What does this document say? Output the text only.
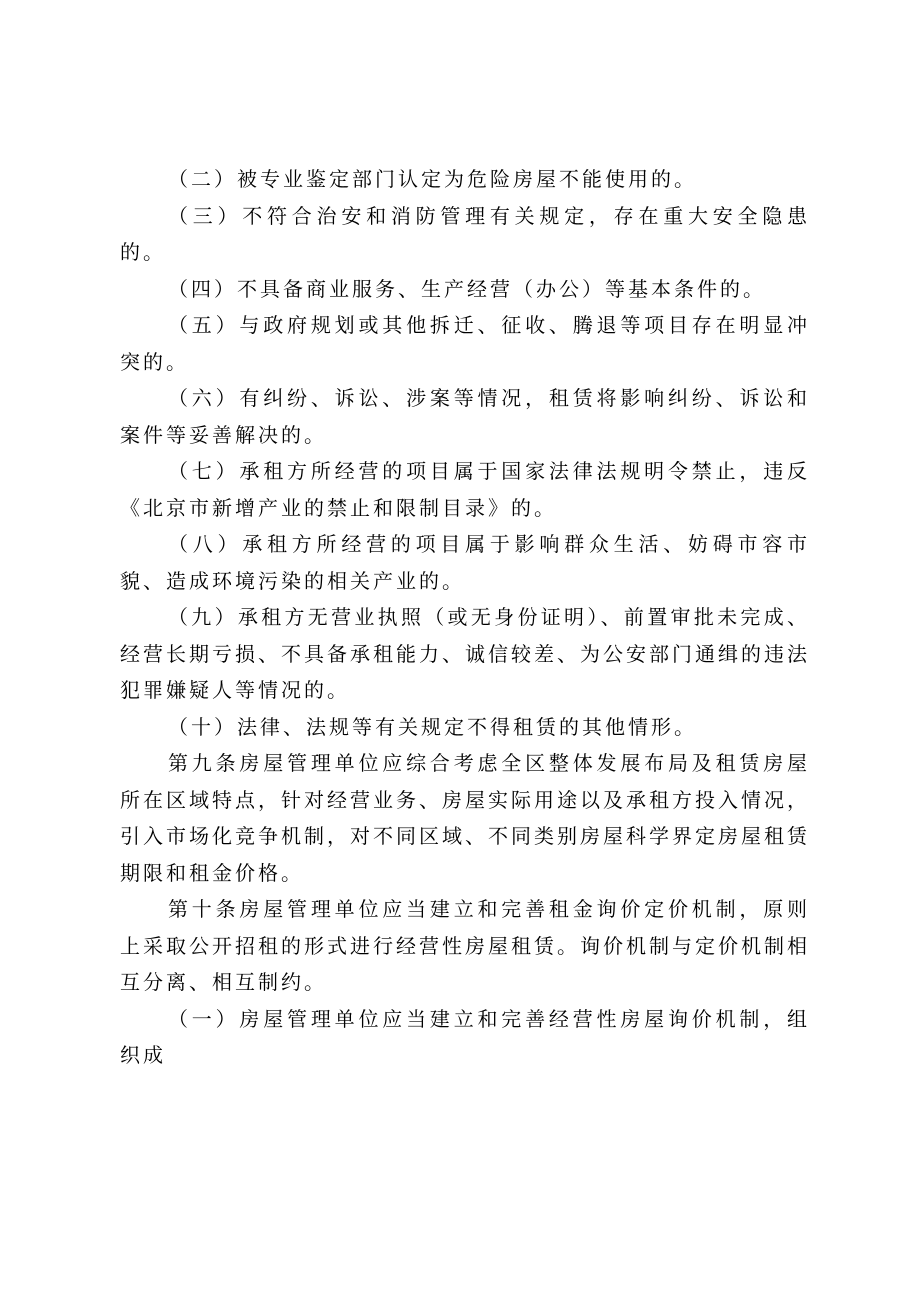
（二）被专业鉴定部门认定为危险房屋不能使用的。

（三）不符合治安和消防管理有关规定，存在重大安全隐患的。

（四）不具备商业服务、生产经营（办公）等基本条件的。

（五）与政府规划或其他拆迁、征收、腾退等项目存在明显冲突的。

（六）有纠纷、诉讼、涉案等情况，租赁将影响纠纷、诉讼和案件等妥善解决的。

（七）承租方所经营的项目属于国家法律法规明令禁止，违反《北京市新增产业的禁止和限制目录》的。

（八）承租方所经营的项目属于影响群众生活、妨碍市容市貌、造成环境污染的相关产业的。

（九）承租方无营业执照（或无身份证明）、前置审批未完成、经营长期亏损、不具备承租能力、诚信较差、为公安部门通缉的违法犯罪嫌疑人等情况的。

（十）法律、法规等有关规定不得租赁的其他情形。

第九条房屋管理单位应综合考虑全区整体发展布局及租赁房屋所在区域特点，针对经营业务、房屋实际用途以及承租方投入情况，引入市场化竞争机制，对不同区域、不同类别房屋科学界定房屋租赁期限和租金价格。

第十条房屋管理单位应当建立和完善租金询价定价机制，原则上采取公开招租的形式进行经营性房屋租赁。询价机制与定价机制相互分离、相互制约。

（一）房屋管理单位应当建立和完善经营性房屋询价机制，组织成
